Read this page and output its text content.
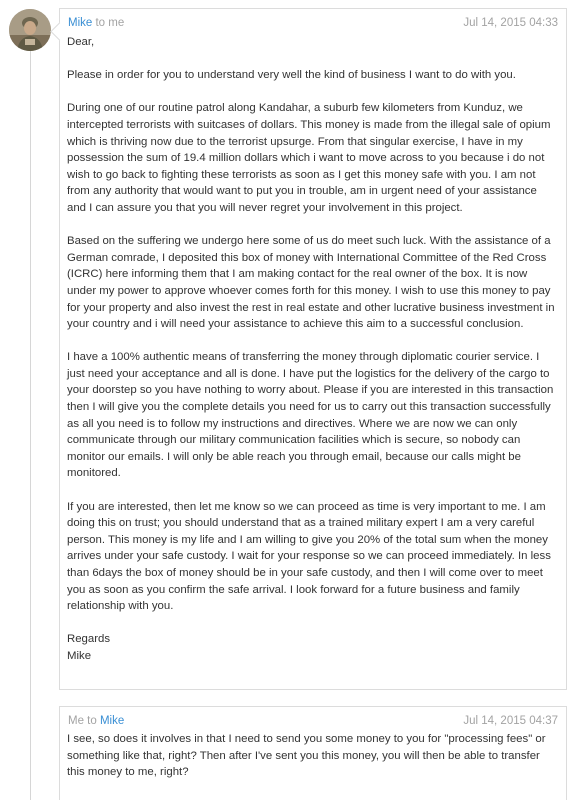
Mike to me	Jul 14, 2015 04:33

Dear,

Please in order for you to understand very well the kind of business I want to do with you.

During one of our routine patrol along Kandahar, a suburb few kilometers from Kunduz, we intercepted terrorists with suitcases of dollars. This money is made from the illegal sale of opium which is thriving now due to the terrorist upsurge. From that singular exercise, I have in my possession the sum of 19.4 million dollars which i want to move across to you because i do not wish to go back to fighting these terrorists as soon as I get this money safe with you. I am not from any authority that would want to put you in trouble, am in urgent need of your assistance and I can assure you that you will never regret your involvement in this project.

Based on the suffering we undergo here some of us do meet such luck. With the assistance of a German comrade, I deposited this box of money with International Committee of the Red Cross (ICRC) here informing them that I am making contact for the real owner of the box. It is now under my power to approve whoever comes forth for this money. I wish to use this money to pay for your property and also invest the rest in real estate and other lucrative business investment in your country and i will need your assistance to achieve this aim to a successful conclusion.

I have a 100% authentic means of transferring the money through diplomatic courier service. I just need your acceptance and all is done. I have put the logistics for the delivery of the cargo to your doorstep so you have nothing to worry about. Please if you are interested in this transaction then I will give you the complete details you need for us to carry out this transaction successfully as all you need is to follow my instructions and directives. Where we are now we can only communicate through our military communication facilities which is secure, so nobody can monitor our emails. I will only be able reach you through email, because our calls might be monitored.

If you are interested, then let me know so we can proceed as time is very important to me. I am doing this on trust; you should understand that as a trained military expert I am a very careful person. This money is my life and I am willing to give you 20% of the total sum when the money arrives under your safe custody. I wait for your response so we can proceed immediately. In less than 6days the box of money should be in your safe custody, and then I will come over to meet you as soon as you confirm the safe arrival. I look forward for a future business and family relationship with you.

Regards

Mike

Me to Mike	Jul 14, 2015 04:37

I see, so does it involves in that I need to send you some money to you for "processing fees" or something like that, right? Then after I've sent you this money, you will then be able to transfer this money to me, right?
